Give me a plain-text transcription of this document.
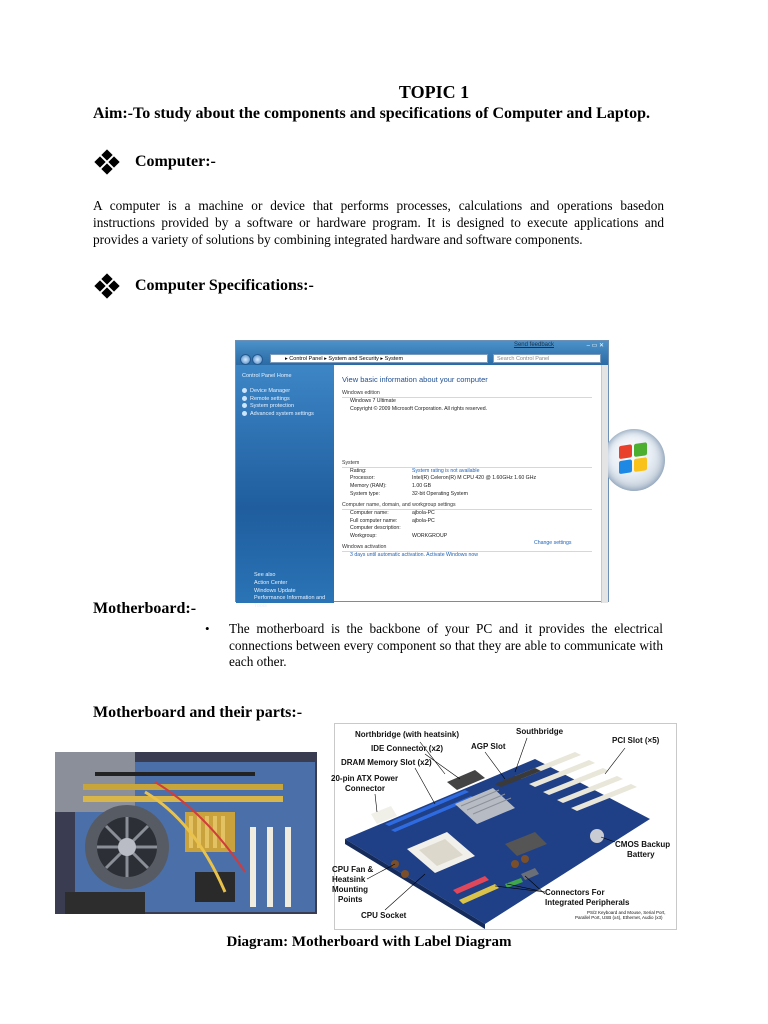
TOPIC 1
Aim:-To study about the components and specifications of Computer and Laptop.
Computer:-
A computer is a machine or device that performs processes, calculations and operations basedon instructions provided by a software or hardware program. It is designed to execute applications and provides a variety of solutions by combining integrated hardware and software components.
Computer Specifications:-
Send feedback	– ▭ ✕
▸ Control Panel ▸ System and Security ▸ System	Search Control Panel
Control Panel Home
Device Manager
Remote settings
System protection
Advanced system settings
See also
Action Center
Windows Update
Performance Information and Tools
View basic information about your computer
Windows edition
Windows 7 Ultimate
Copyright © 2009 Microsoft Corporation. All rights reserved.
System
Rating:	System rating is not available
Processor:	Intel(R) Celeron(R) M CPU 420 @ 1.60GHz 1.60 GHz
Memory (RAM):	1.00 GB
System type:	32-bit Operating System
Computer name, domain, and workgroup settings
Computer name:	ajbola-PC
Full computer name:	ajbola-PC
Computer description:
Workgroup:	WORKGROUP
Windows activation
3 days until automatic activation. Activate Windows now
Change settings
Motherboard:-
• The motherboard is the backbone of your PC and it provides the electrical connections between every component so that they are able to communicate with each other.
Motherboard and their parts:-
Northbridge (with heatsink)	Southbridge
IDE Connector (x2)	AGP Slot
PCI Slot (×5)
DRAM Memory Slot (x2)
20-pin ATX Power
Connector
CMOS Backup
Battery
CPU Fan &
Heatsink
Mounting
Points
CPU Socket
Connectors For
Integrated Peripherals
PS/2 Keyboard and Mouse, Serial Port,
Parallel Port, USB (x4), Ethernet, Audio (x3)
Diagram: Motherboard with Label Diagram
